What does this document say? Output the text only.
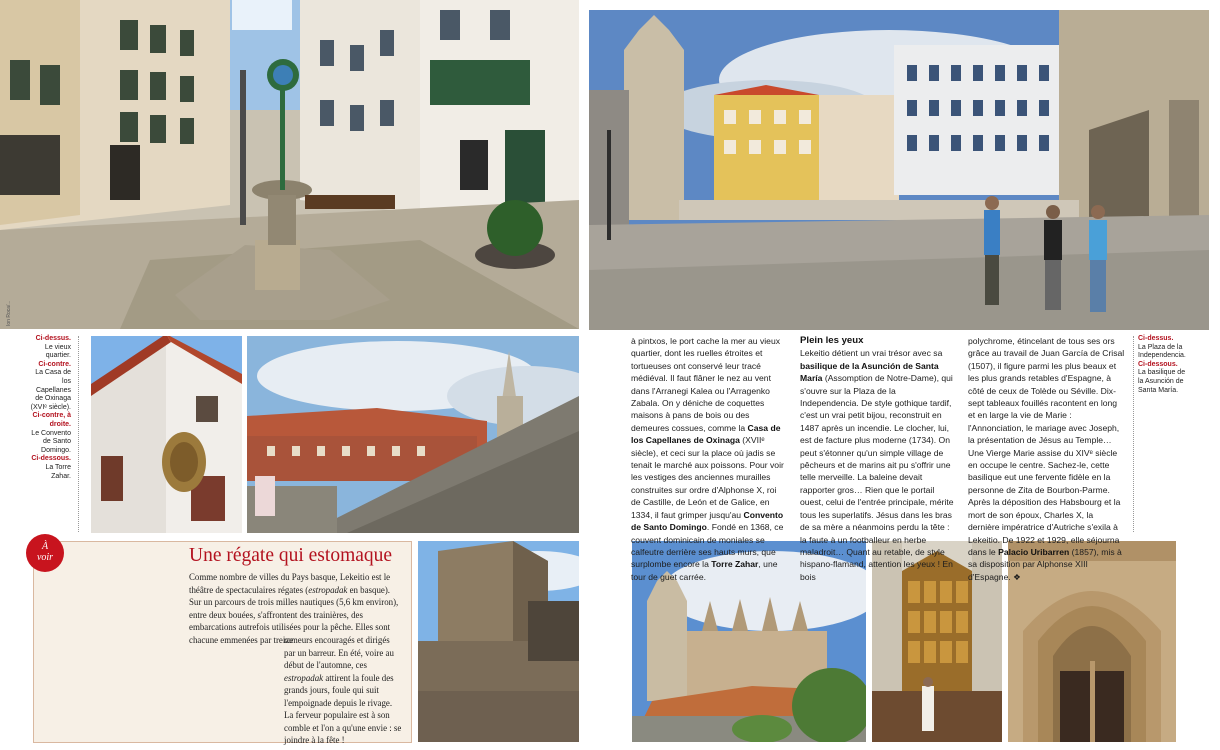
Ion Roca/...
Ci-dessus.
Le vieux quartier.
Ci-contre.
La Casa de los Capellanes de Oxinaga (XVIᵉ siècle).
Ci-contre, à droite.
Le Convento de Santo Domingo.
Ci-dessous.
La Torre Zahar.
Ci-dessus.
La Plaza de la Independencia.
Ci-dessous.
La basilique de la Asunción de Santa María.
à pintxos, le port cache la mer au vieux quartier, dont les ruelles étroites et tortueuses ont conservé leur tracé médiéval. Il faut flâner le nez au vent dans l'Arranegi Kalea ou l'Arragenko Zabala. On y déniche de coquettes maisons à pans de bois ou des demeures cossues, comme la Casa de los Capellanes de Oxinaga (XVIIᵉ siècle), et ceci sur la place où jadis se tenait le marché aux poissons. Pour voir les vestiges des anciennes murailles construites sur ordre d'Alphonse X, roi de Castille, de León et de Galice, en 1334, il faut grimper jusqu'au Convento de Santo Domingo. Fondé en 1368, ce couvent dominicain de moniales se calfeutre derrière ses hauts murs, que surplombe encore la Torre Zahar, une tour de guet carrée.
Plein les yeux
Lekeitio détient un vrai trésor avec sa basilique de la Asunción de Santa María (Assomption de Notre-Dame), qui s'ouvre sur la Plaza de la Independencia. De style gothique tardif, c'est un vrai petit bijou, reconstruit en 1487 après un incendie. Le clocher, lui, est de facture plus moderne (1734). On peut s'étonner qu'un simple village de pêcheurs et de marins ait pu s'offrir une telle merveille. La baleine devait rapporter gros… Rien que le portail ouest, celui de l'entrée principale, mérite tous les superlatifs. Jésus dans les bras de sa mère a néanmoins perdu la tête : la faute à un footballeur en herbe maladroit… Quant au retable, de style hispano-flamand, attention les yeux ! En bois
polychrome, étincelant de tous ses ors grâce au travail de Juan García de Crisal (1507), il figure parmi les plus beaux et les plus grands retables d'Espagne, à côté de ceux de Tolède ou Séville. Dix-sept tableaux fouillés racontent en long et en large la vie de Marie : l'Annonciation, le mariage avec Joseph, la présentation de Jésus au Temple… Une Vierge Marie assise du XIVᵉ siècle en occupe le centre. Sachez-le, cette basilique eut une fervente fidèle en la personne de Zita de Bourbon-Parme. Après la déposition des Habsbourg et la mort de son époux, Charles X, la dernière impératrice d'Autriche s'exila à Lekeitio. De 1922 et 1929, elle séjourna dans le Palacio Uribarren (1857), mis à sa disposition par Alphonse XIII d'Espagne. ❖
À
voir	Une régate qui estomaque
Comme nombre de villes du Pays basque, Lekeitio est le théâtre de spectaculaires régates (estropadak en basque). Sur un parcours de trois milles nautiques (5,6 km environ), entre deux bouées, s'affrontent des trainières, des embarcations autrefois utilisées pour la pêche. Elles sont chacune emmenées par treize
rameurs encouragés et dirigés par un barreur. En été, voire au début de l'automne, ces estropadak attirent la foule des grands jours, foule qui suit l'empoignade depuis le rivage. La ferveur populaire est à son comble et l'on a qu'une envie : se joindre à la fête !
